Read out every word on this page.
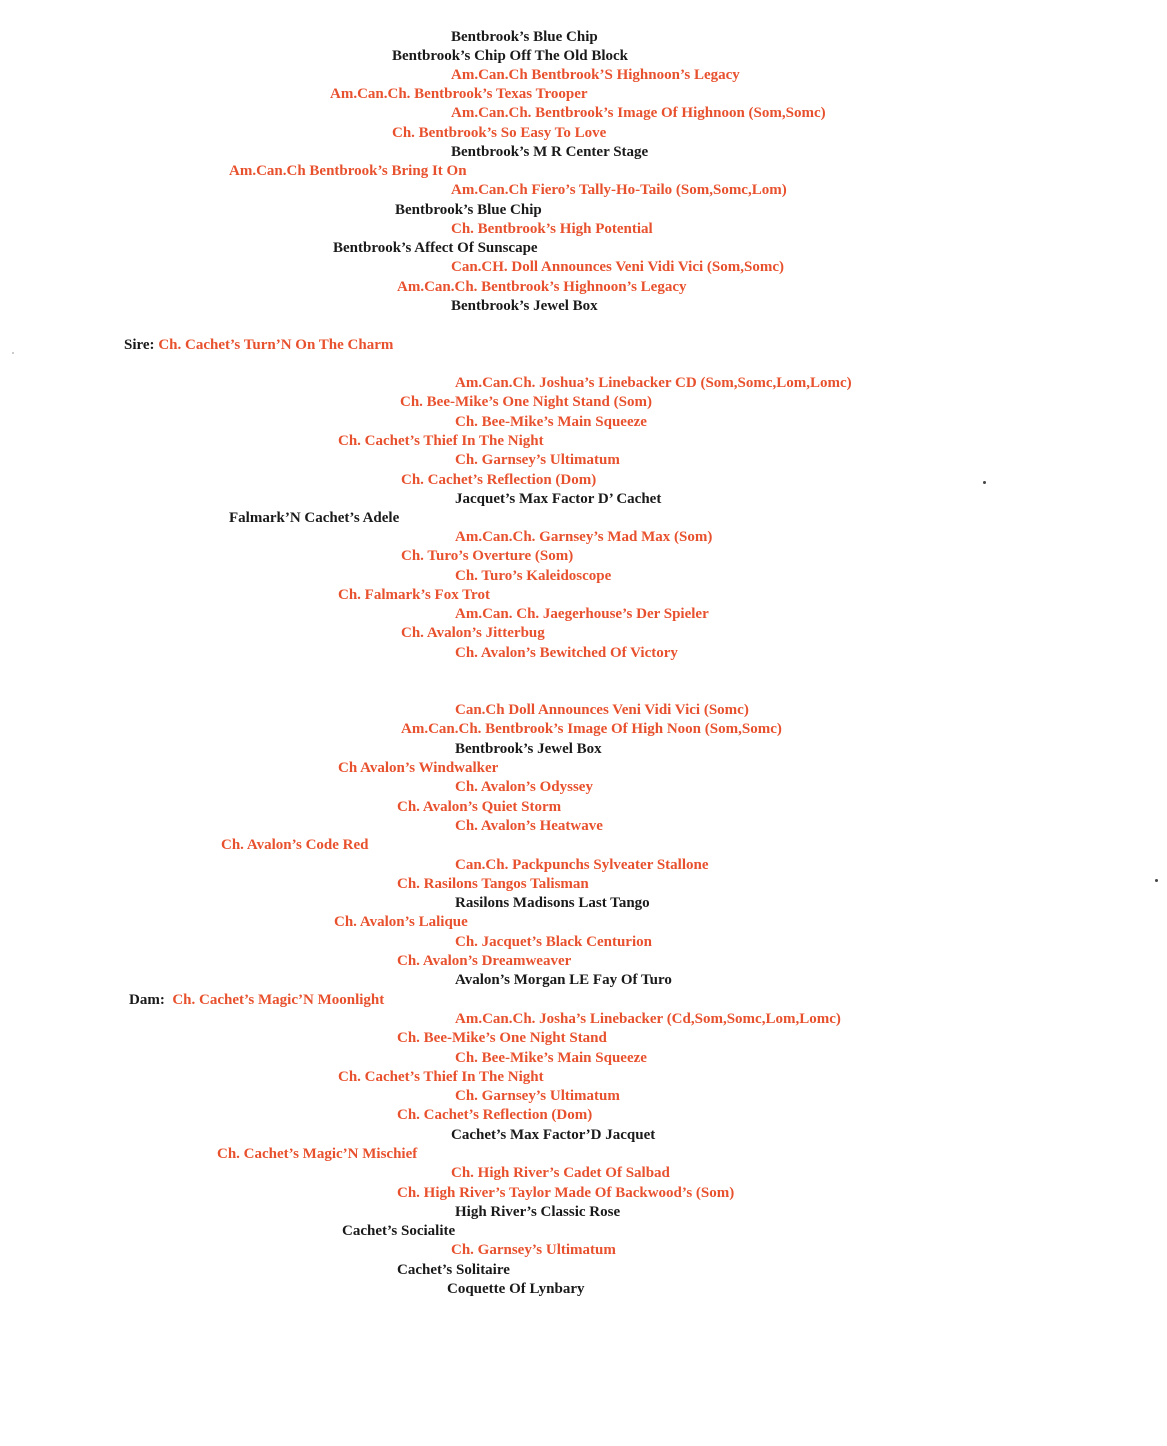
Bentbrook’s Blue Chip
Bentbrook’s Chip Off The Old Block
Am.Can.Ch Bentbrook’S Highnoon’s Legacy
Am.Can.Ch. Bentbrook’s Texas Trooper
Am.Can.Ch. Bentbrook’s Image Of Highnoon (Som,Somc)
Ch. Bentbrook’s So Easy To Love
Bentbrook’s M R Center Stage
Am.Can.Ch Bentbrook’s Bring It On
Am.Can.Ch Fiero’s Tally-Ho-Tailo (Som,Somc,Lom)
Bentbrook’s Blue Chip
Ch. Bentbrook’s High Potential
Bentbrook’s Affect Of Sunscape
Can.CH. Doll Announces Veni Vidi Vici (Som,Somc)
Am.Can.Ch. Bentbrook’s Highnoon’s Legacy
Bentbrook’s Jewel Box
Sire: Ch. Cachet’s Turn’N On The Charm
Am.Can.Ch. Joshua’s Linebacker CD (Som,Somc,Lom,Lomc)
Ch. Bee-Mike’s One Night Stand (Som)
Ch. Bee-Mike’s Main Squeeze
Ch. Cachet’s Thief In The Night
Ch. Garnsey’s Ultimatum
Ch. Cachet’s Reflection (Dom)
Jacquet’s Max Factor D’ Cachet
Falmark’N Cachet’s Adele
Am.Can.Ch. Garnsey’s Mad Max (Som)
Ch. Turo’s Overture (Som)
Ch. Turo’s Kaleidoscope
Ch. Falmark’s Fox Trot
Am.Can. Ch. Jaegerhouse’s Der Spieler
Ch. Avalon’s Jitterbug
Ch. Avalon’s Bewitched Of Victory
Can.Ch Doll Announces Veni Vidi Vici (Somc)
Am.Can.Ch. Bentbrook’s Image Of High Noon (Som,Somc)
Bentbrook’s Jewel Box
Ch Avalon’s Windwalker
Ch. Avalon’s Odyssey
Ch. Avalon’s Quiet Storm
Ch. Avalon’s Heatwave
Ch. Avalon’s Code Red
Can.Ch. Packpunchs Sylveater Stallone
Ch. Rasilons Tangos Talisman
Rasilons Madisons Last Tango
Ch. Avalon’s Lalique
Ch. Jacquet’s Black Centurion
Ch. Avalon’s Dreamweaver
Avalon’s Morgan LE Fay Of Turo
Dam: Ch. Cachet’s Magic’N Moonlight
Am.Can.Ch. Josha’s Linebacker (Cd,Som,Somc,Lom,Lomc)
Ch. Bee-Mike’s One Night Stand
Ch. Bee-Mike’s Main Squeeze
Ch. Cachet’s Thief In The Night
Ch. Garnsey’s Ultimatum
Ch. Cachet’s Reflection (Dom)
Cachet’s Max Factor’D Jacquet
Ch. Cachet’s Magic’N Mischief
Ch. High River’s Cadet Of Salbad
Ch. High River’s Taylor Made Of Backwood’s (Som)
High River’s Classic Rose
Cachet’s Socialite
Ch. Garnsey’s Ultimatum
Cachet’s Solitaire
Coquette Of Lynbary
